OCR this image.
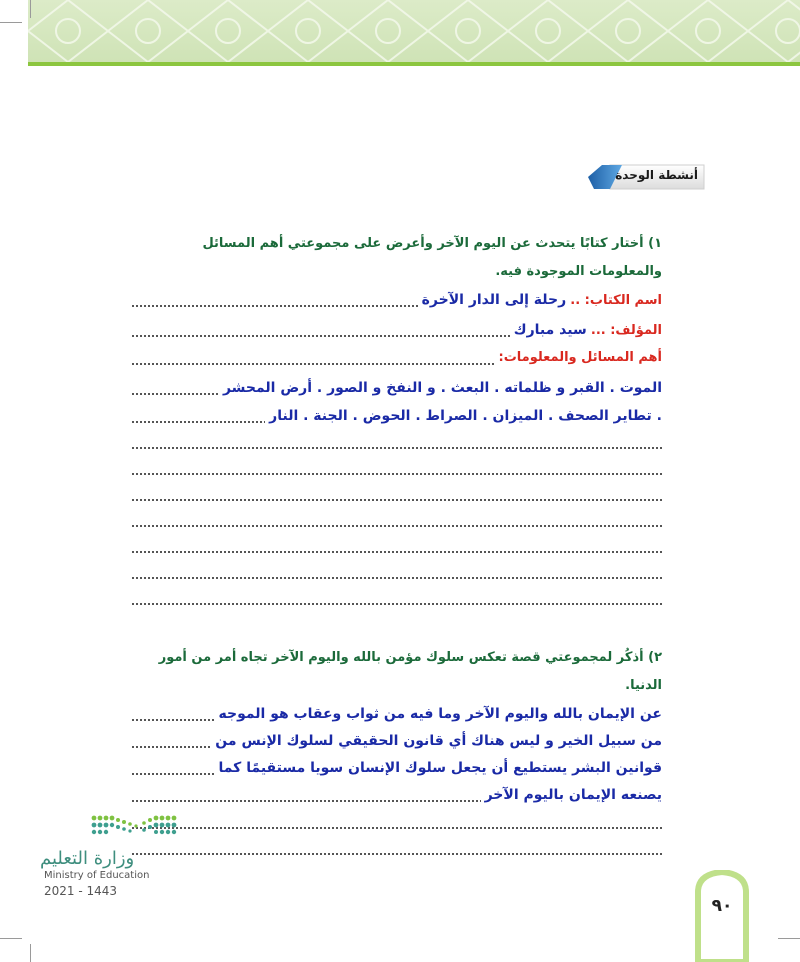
أنشطة الوحدة

١) أختار كتابًا يتحدث عن اليوم الآخر وأعرض على مجموعتي أهم المسائل والمعلومات الموجودة فيه.

اسم الكتاب: .. رحلة إلى الدار الآخرة
المؤلف: ... سيد مبارك
أهم المسائل والمعلومات:
الموت . القبر و ظلماته . البعث . و النفخ و الصور . أرض المحشر
. تطاير الصحف . الميزان . الصراط . الحوض . الجنة . النار

٢) أذكُر لمجموعتي قصة تعكس سلوك مؤمن بالله واليوم الآخر تجاه أمر من أمور الدنيا.

عن الإيمان بالله واليوم الآخر وما فيه من ثواب وعقاب هو الموجه
من سبيل الخير و ليس هناك أي قانون الحقيقي لسلوك الإنس من
قوانين البشر يستطيع أن يجعل سلوك الإنسان سويا مستقيمًا كما
يصنعه الإيمان باليوم الآخر
وزارة التعليم
Ministry of Education
2021 - 1443
٩٠
